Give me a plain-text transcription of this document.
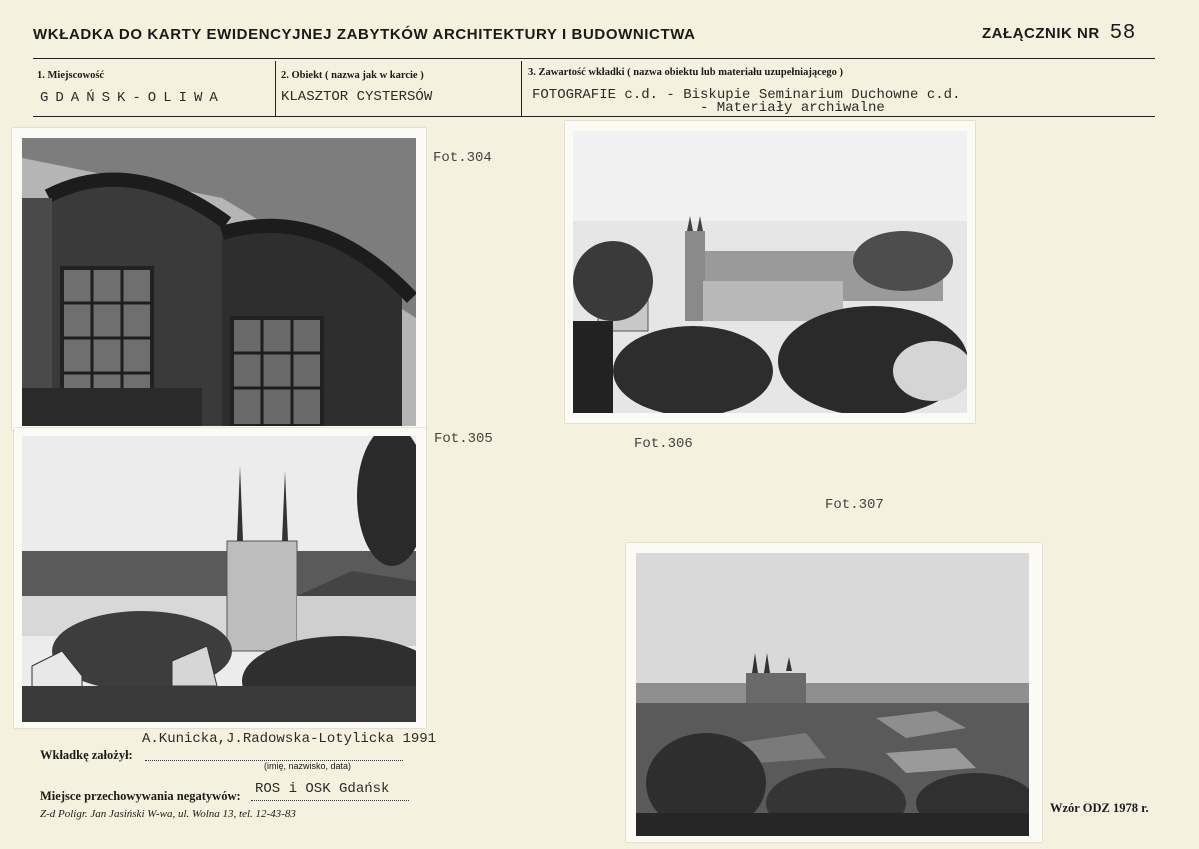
WKŁADKA DO KARTY EWIDENCYJNEJ ZABYTKÓW ARCHITEKTURY I BUDOWNICTWA	ZAŁĄCZNIK NR 58
1. Miejscowość
GDAŃSK-OLIWA
2. Obiekt ( nazwa jak w karcie )
KLASZTOR CYSTERSÓW
3. Zawartość wkładki ( nazwa obiektu lub materiału uzupełniającego )
FOTOGRAFIE c.d. - Biskupie Seminarium Duchowne c.d.
- Materiały archiwalne
Fot.304
Fot.305	Fot.306
Fot.307
A.Kunicka,J.Radowska-Lotylicka 1991
Wkładkę założył:
(imię, nazwisko, data)
ROS i OSK Gdańsk
Miejsce przechowywania negatywów:
Z-d Poligr. Jan Jasiński W-wa, ul. Wolna 13, tel. 12-43-83	Wzór ODZ 1978 r.
